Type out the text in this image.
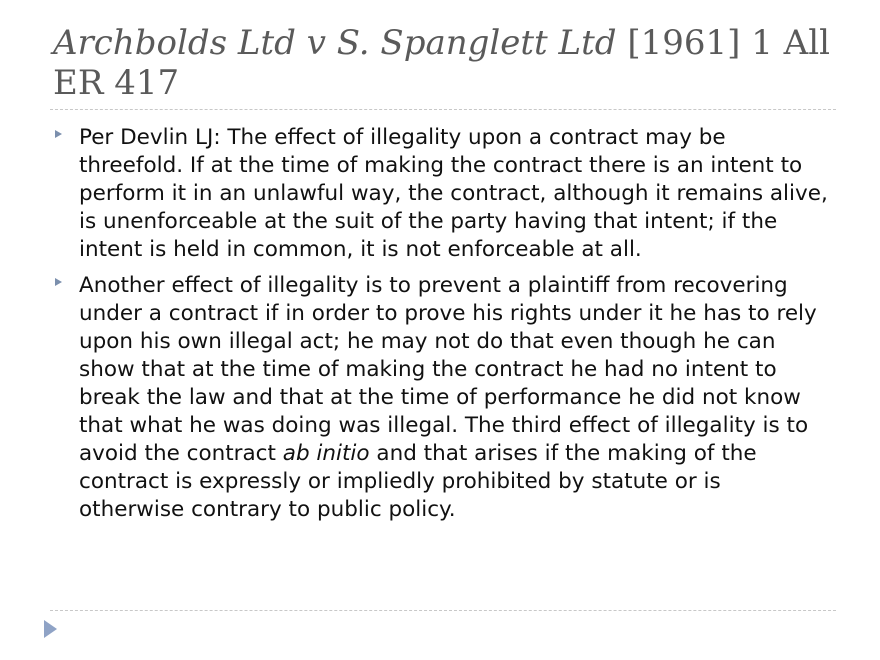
Archbolds Ltd v S. Spanglett Ltd [1961] 1 All ER 417
Per Devlin LJ: The effect of illegality upon a contract may be threefold. If at the time of making the contract there is an intent to perform it in an unlawful way, the contract, although it remains alive, is unenforceable at the suit of the party having that intent; if the intent is held in common, it is not enforceable at all.
Another effect of illegality is to prevent a plaintiff from recovering under a contract if in order to prove his rights under it he has to rely upon his own illegal act; he may not do that even though he can show that at the time of making the contract he had no intent to break the law and that at the time of performance he did not know that what he was doing was illegal. The third effect of illegality is to avoid the contract ab initio and that arises if the making of the contract is expressly or impliedly prohibited by statute or is otherwise contrary to public policy.
